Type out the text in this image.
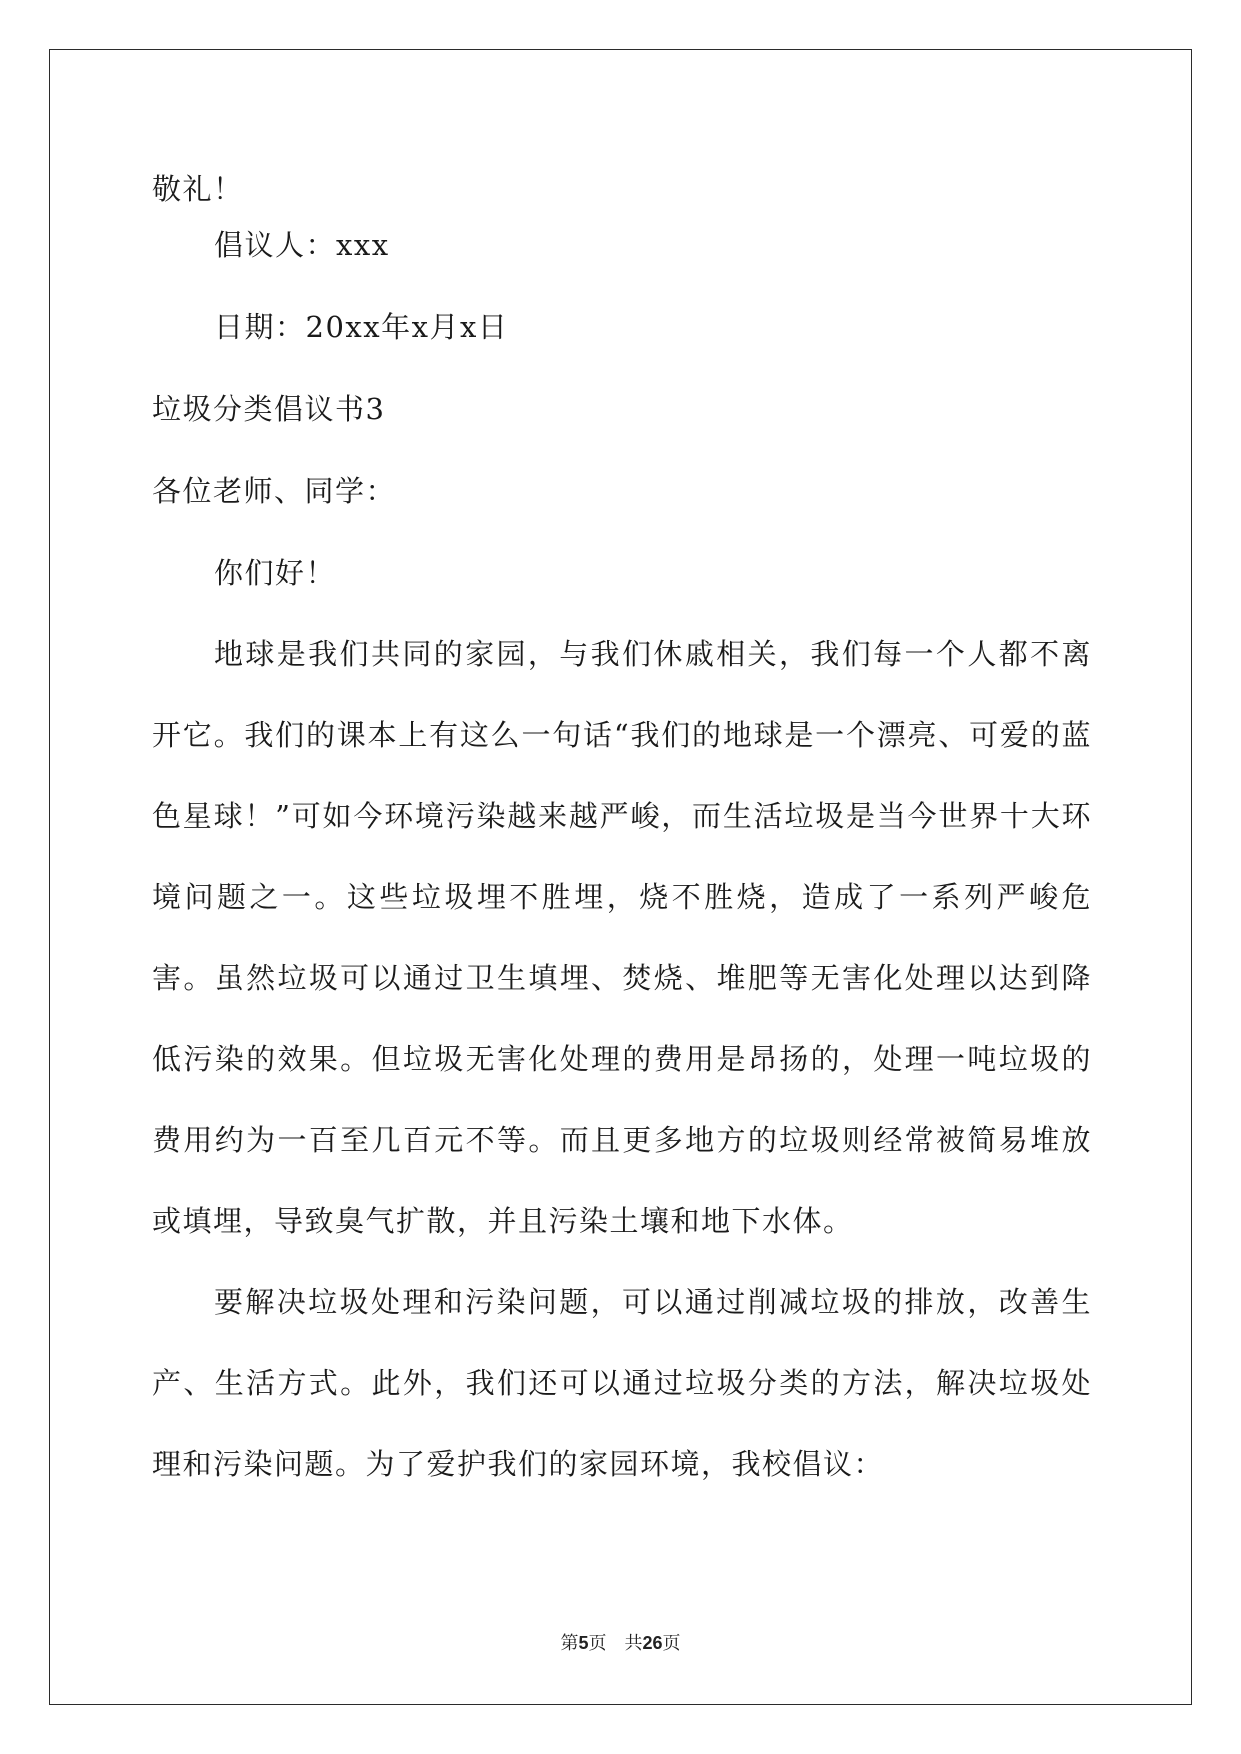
敬礼！
倡议人：xxx
日期：20xx年x月x日
垃圾分类倡议书3
各位老师、同学：
你们好！

地球是我们共同的家园，与我们休戚相关，我们每一个人都不离开它。我们的课本上有这么一句话“我们的地球是一个漂亮、可爱的蓝色星球！”可如今环境污染越来越严峻，而生活垃圾是当今世界十大环境问题之一。这些垃圾埋不胜埋，烧不胜烧，造成了一系列严峻危害。虽然垃圾可以通过卫生填埋、焚烧、堆肥等无害化处理以达到降低污染的效果。但垃圾无害化处理的费用是昂扬的，处理一吨垃圾的费用约为一百至几百元不等。而且更多地方的垃圾则经常被简易堆放或填埋，导致臭气扩散，并且污染土壤和地下水体。

要解决垃圾处理和污染问题，可以通过削减垃圾的排放，改善生产、生活方式。此外，我们还可以通过垃圾分类的方法，解决垃圾处理和污染问题。为了爱护我们的家园环境，我校倡议：

第5页 共26页
